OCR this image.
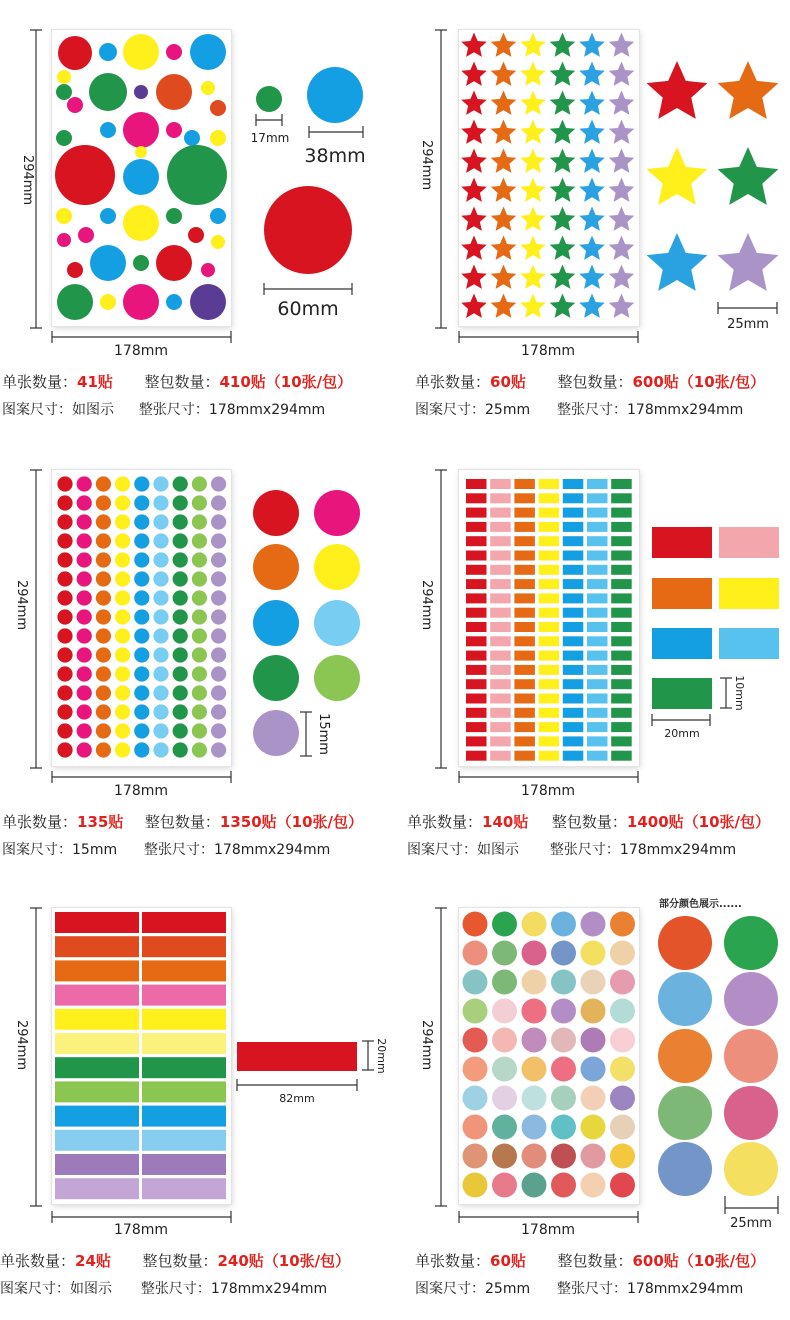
294mm
17mm
38mm
60mm
178mm
单张数量：41贴 整包数量：410贴（10张/包）
图案尺寸：如图示 整张尺寸：178mmx294mm
25mm
178mm
294mm
单张数量：60贴 整包数量：600贴（10张/包）
图案尺寸：25mm 整张尺寸：178mmx294mm
15mm
178mm
294mm
单张数量：135贴 整包数量：1350贴（10张/包）
图案尺寸：15mm 整张尺寸：178mmx294mm
10mm
20mm
178mm
294mm
单张数量：140贴 整包数量：1400贴（10张/包）
图案尺寸：如图示 整张尺寸：178mmx294mm
20mm
82mm
178mm
294mm
单张数量：24贴 整包数量：240贴（10张/包）
图案尺寸：如图示 整张尺寸：178mmx294mm
25mm
178mm
294mm
部分颜色展示......
单张数量：60贴 整包数量：600贴（10张/包）
图案尺寸：25mm 整张尺寸：178mmx294mm
